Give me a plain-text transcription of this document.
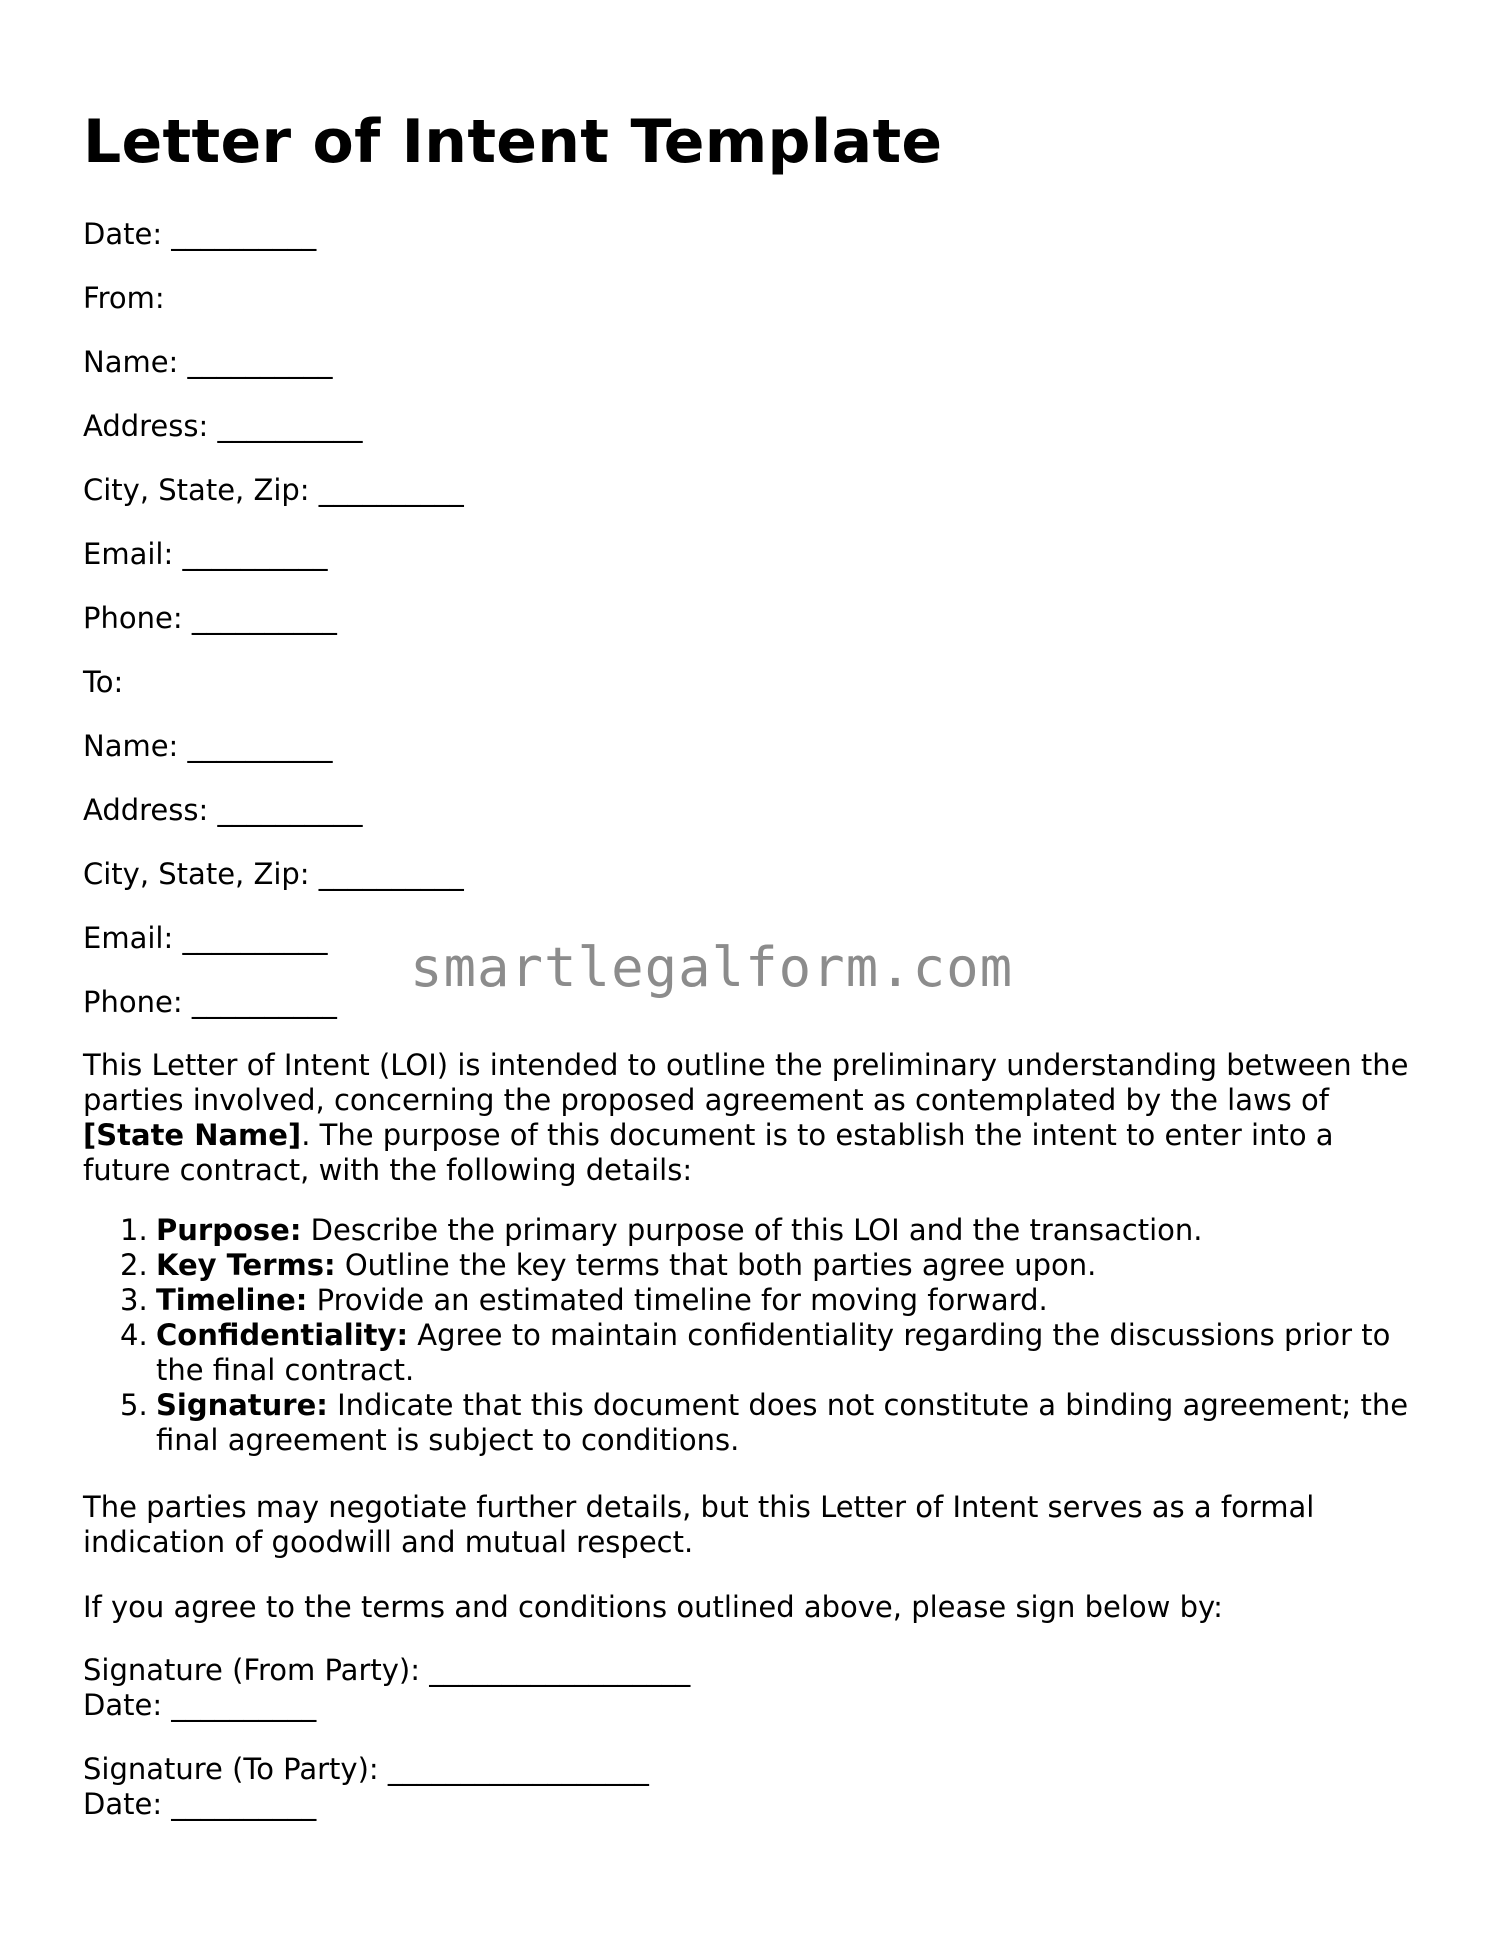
Letter of Intent Template
Date: __________
From:
Name: __________
Address: __________
City, State, Zip: __________
Email: __________
Phone: __________
To:
Name: __________
Address: __________
City, State, Zip: __________
Email: __________
Phone: __________
smartlegalform.com

This Letter of Intent (LOI) is intended to outline the preliminary understanding between the parties involved, concerning the proposed agreement as contemplated by the laws of [State Name]. The purpose of this document is to establish the intent to enter into a future contract, with the following details:

1. Purpose: Describe the primary purpose of this LOI and the transaction.
2. Key Terms: Outline the key terms that both parties agree upon.
3. Timeline: Provide an estimated timeline for moving forward.
4. Confidentiality: Agree to maintain confidentiality regarding the discussions prior to the final contract.
5. Signature: Indicate that this document does not constitute a binding agreement; the final agreement is subject to conditions.

The parties may negotiate further details, but this Letter of Intent serves as a formal indication of goodwill and mutual respect.

If you agree to the terms and conditions outlined above, please sign below by:

Signature (From Party): __________________
Date: __________
Signature (To Party): __________________
Date: __________
